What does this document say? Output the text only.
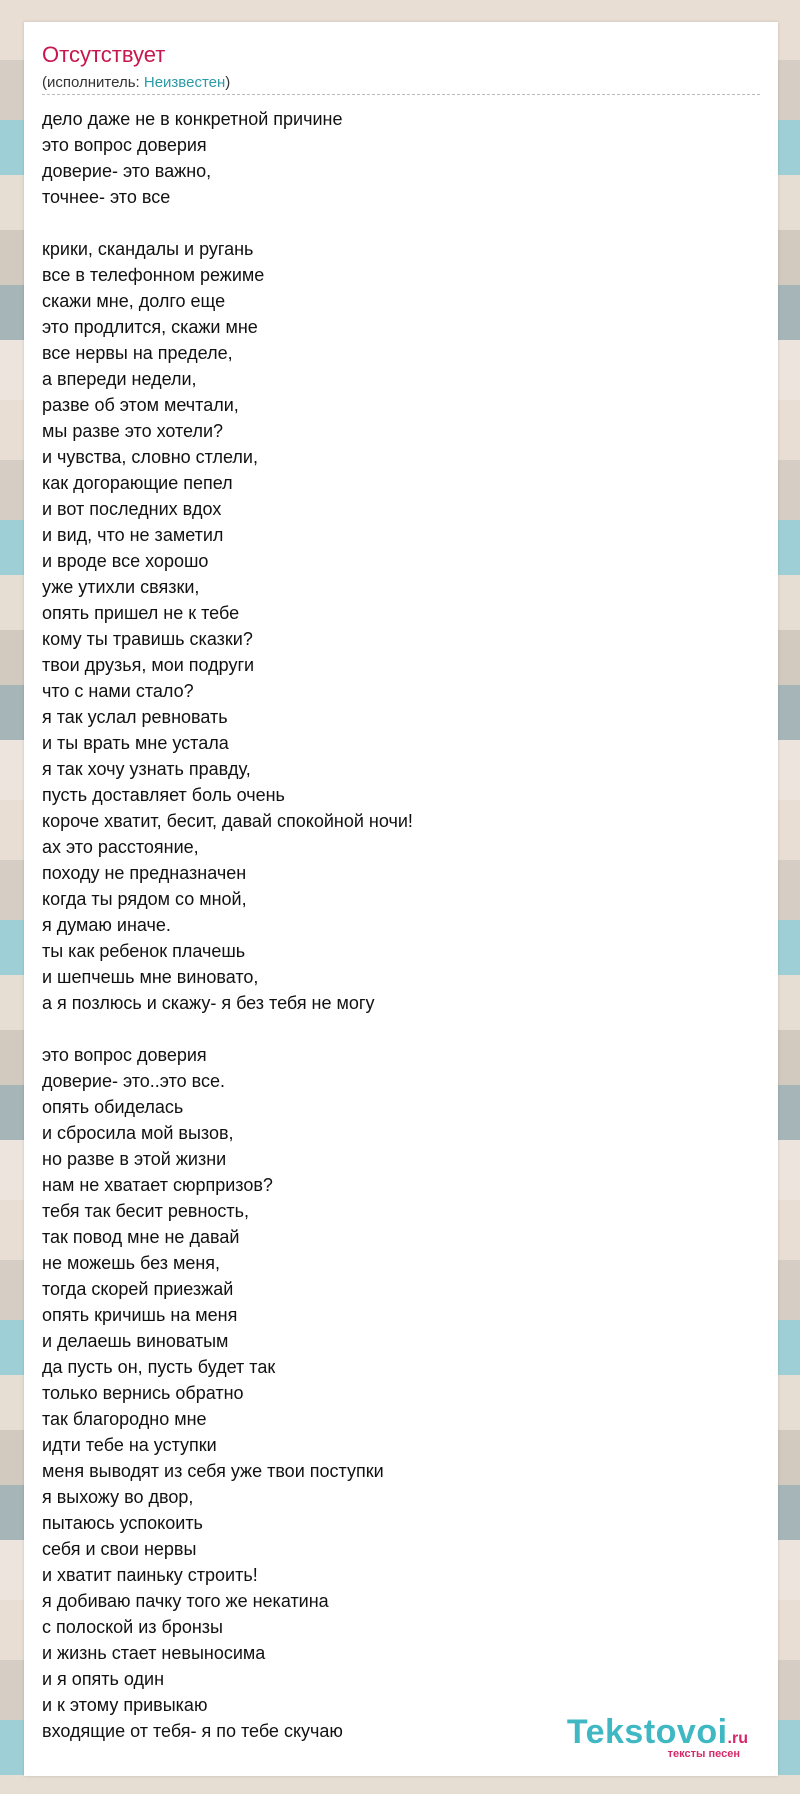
Отсутствует
(исполнитель: Неизвестен)
дело даже не в конкретной причине
это вопрос доверия
доверие- это важно,
точнее- это все
крики, скандалы и ругань
все в телефонном режиме
скажи мне, долго еще
это продлится, скажи мне
все нервы на пределе,
а впереди недели,
разве об этом мечтали,
мы разве это хотели?
и чувства, словно стлели,
как догорающие пепел
и вот последних вдох
и вид, что не заметил
и вроде все хорошо
уже утихли связки,
опять пришел не к тебе
кому ты травишь сказки?
твои друзья, мои подруги
что с нами стало?
я так услал ревновать
и ты врать мне устала
я так хочу узнать правду,
пусть доставляет боль очень
короче хватит, бесит, давай спокойной ночи!
ах это расстояние,
походу не предназначен
когда ты рядом со мной,
я думаю иначе.
ты как ребенок плачешь
и шепчешь мне виновато,
а я позлюсь и скажу- я без тебя не могу
это вопрос доверия
доверие- это..это все.
опять обиделась
и сбросила мой вызов,
но разве в этой жизни
нам не хватает сюрпризов?
тебя так бесит ревность,
так повод мне не давай
не можешь без меня,
тогда скорей приезжай
опять кричишь на меня
и делаешь виноватым
да пусть он, пусть будет так
только вернись обратно
так благородно мне
идти тебе на уступки
меня выводят из себя уже твои поступки
я выхожу во двор,
пытаюсь успокоить
себя и свои нервы
и хватит паиньку строить!
я добиваю пачку того же некатина
с полоской из бронзы
и жизнь стает невыносима
и я опять один
и к этому привыкаю
входящие от тебя- я по тебе скучаю	Tekstovoi.ru
тексты песен
